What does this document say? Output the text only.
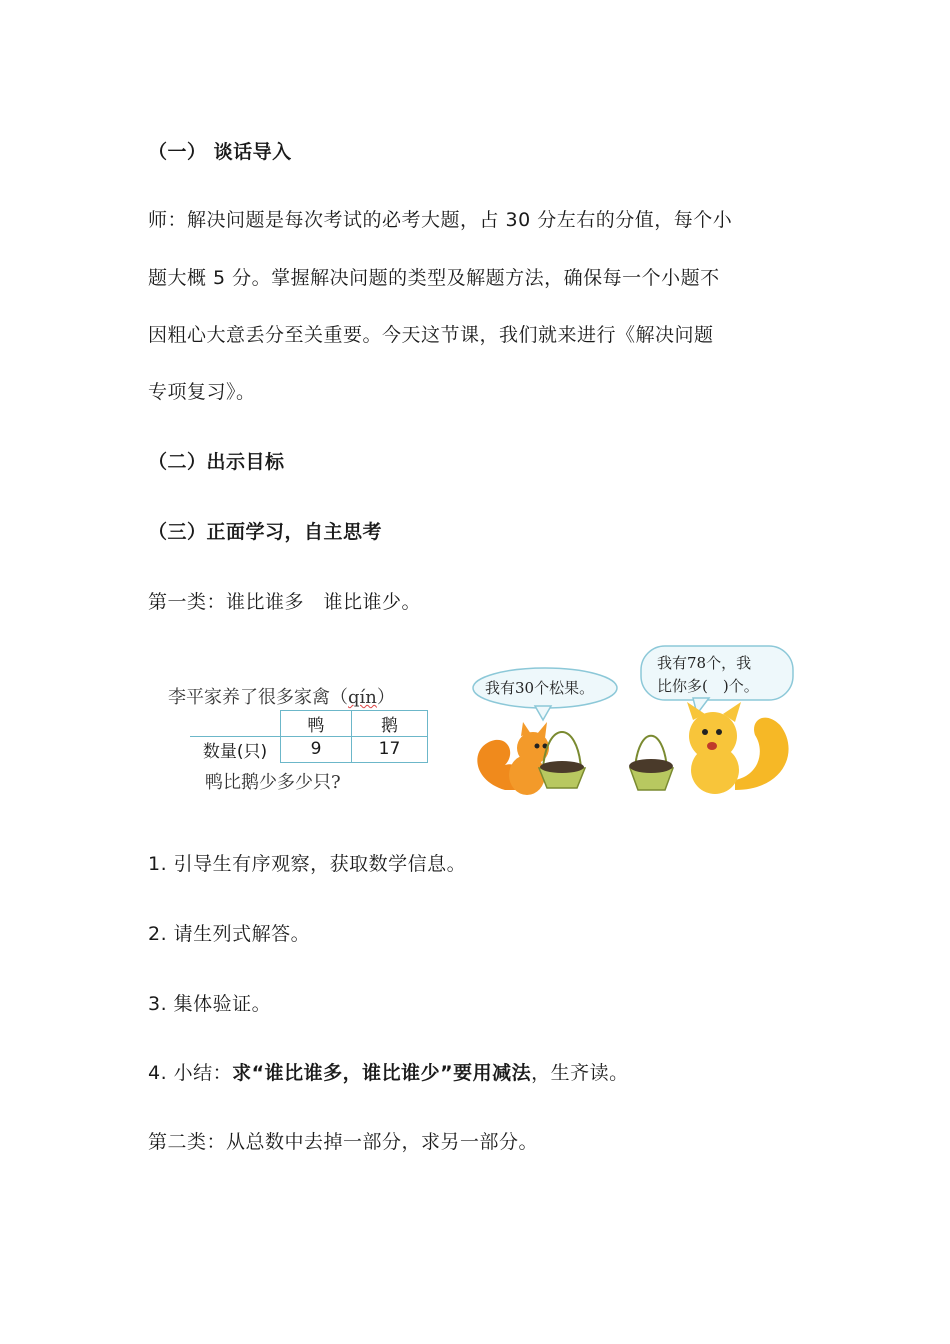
（一） 谈话导入
师：解决问题是每次考试的必考大题，占 30 分左右的分值，每个小
题大概 5 分。掌握解决问题的类型及解题方法，确保每一个小题不
因粗心大意丢分至关重要。今天这节课，我们就来进行《解决问题
专项复习》。
（二）出示目标
（三）正面学习，自主思考
第一类：谁比谁多　谁比谁少。
李平家养了很多家禽（qín）
	鸭	鹅
数量(只)	9	17
鸭比鹅少多少只?
我有30个松果。
我有78个，我
比你多(　)个。
1. 引导生有序观察，获取数学信息。
2. 请生列式解答。
3. 集体验证。
4. 小结：求“谁比谁多，谁比谁少”要用减法，生齐读。
第二类：从总数中去掉一部分，求另一部分。
